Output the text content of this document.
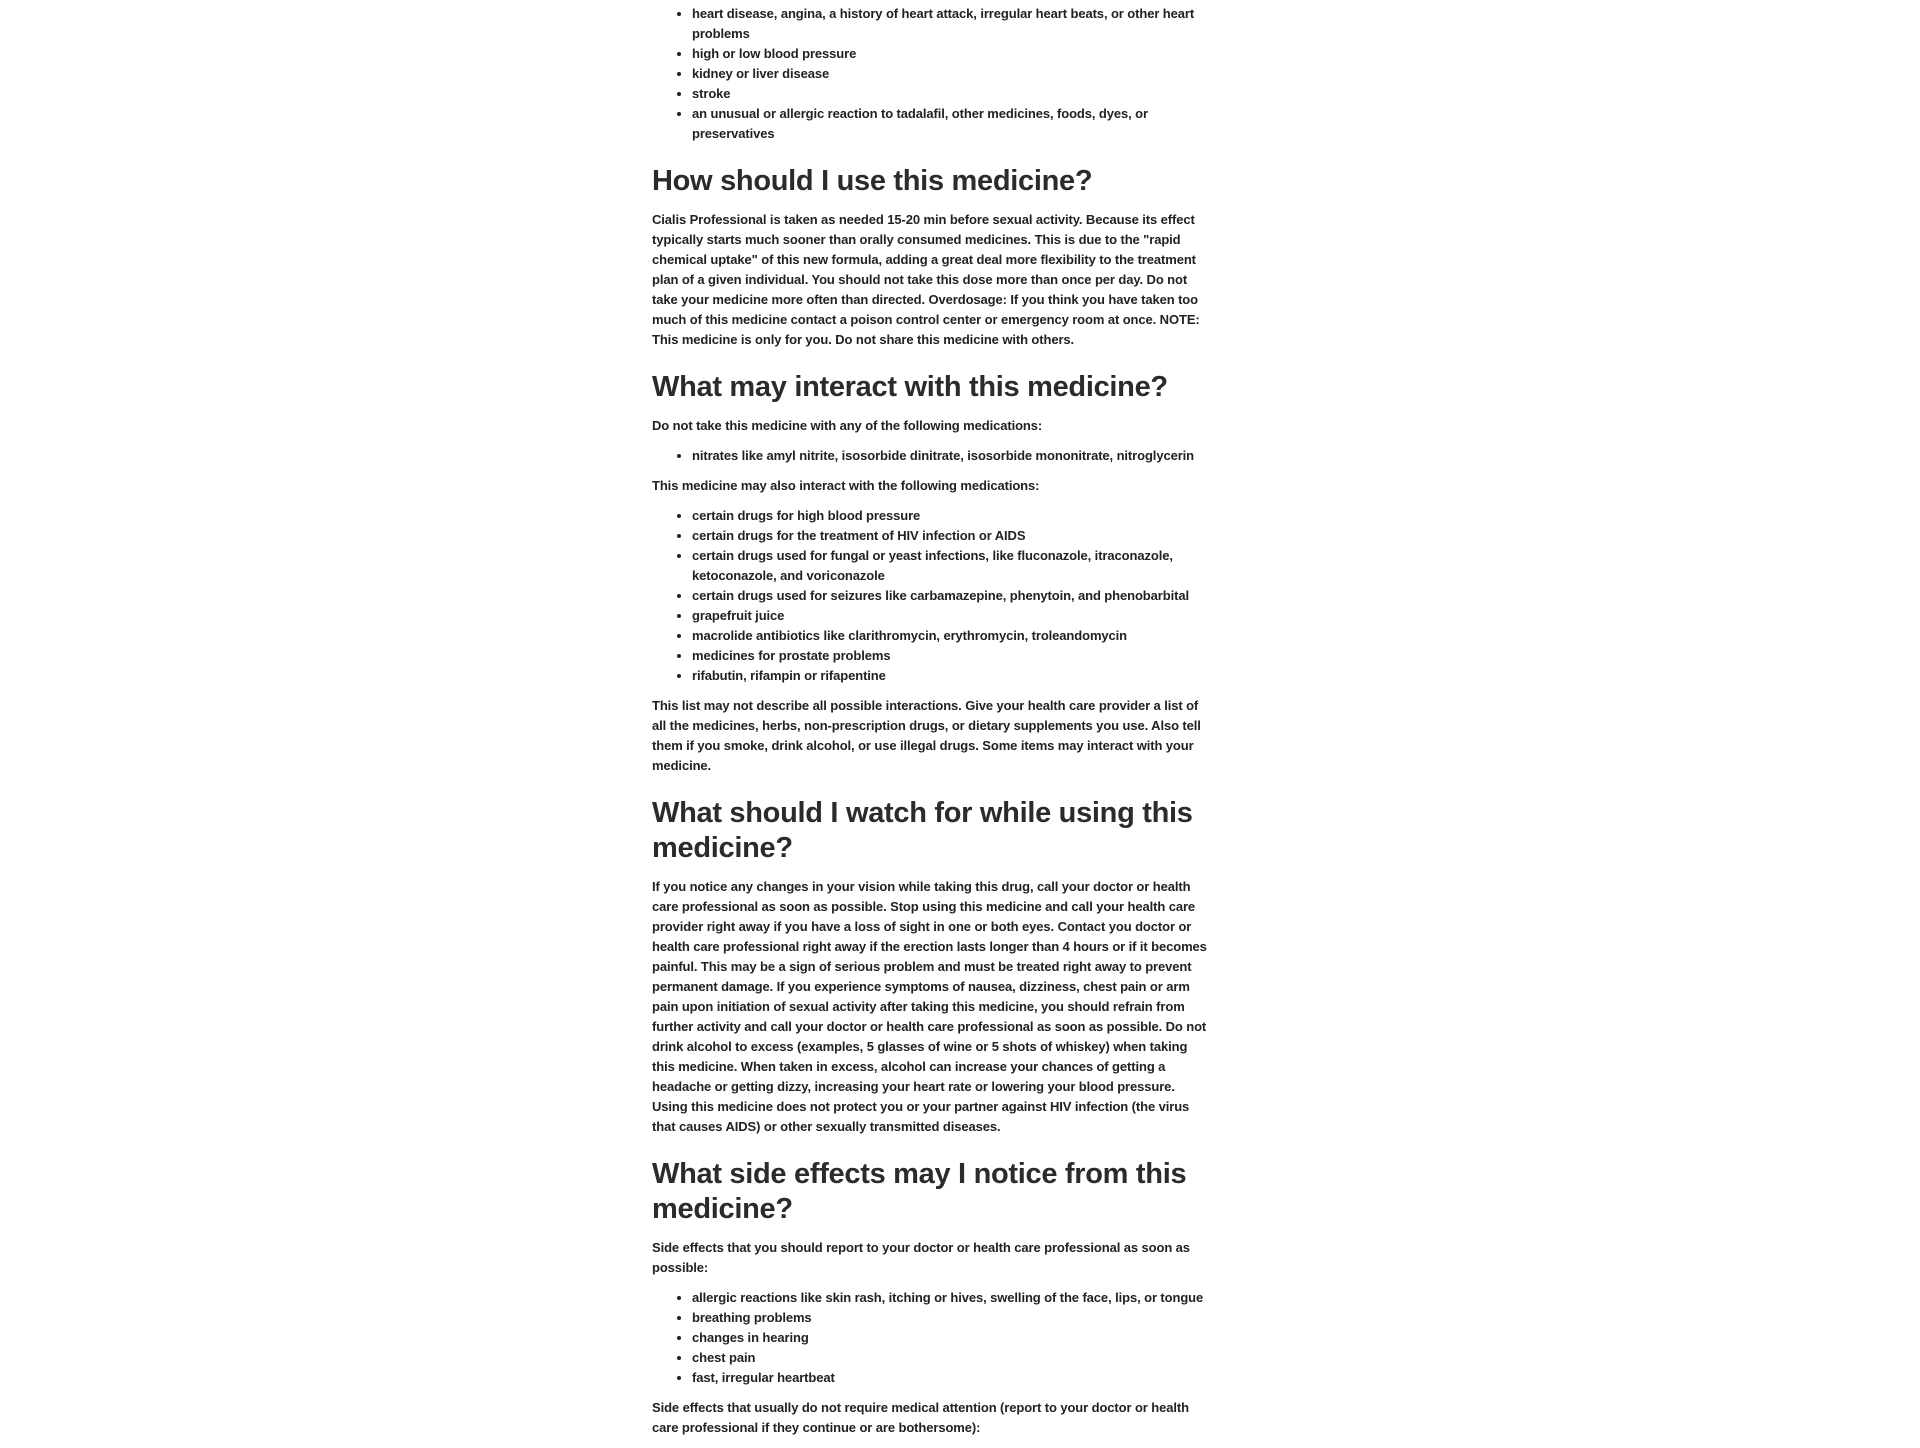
•
• heart disease, angina, a history of heart attack, irregular heart beats, or other heart problems
• high or low blood pressure
• kidney or liver disease
• stroke
• an unusual or allergic reaction to tadalafil, other medicines, foods, dyes, or preservatives
How should I use this medicine?

Cialis Professional is taken as needed 15-20 min before sexual activity. Because its effect typically starts much sooner than orally consumed medicines. This is due to the "rapid chemical uptake" of this new formula, adding a great deal more flexibility to the treatment plan of a given individual. You should not take this dose more than once per day. Do not take your medicine more often than directed. Overdosage: If you think you have taken too much of this medicine contact a poison control center or emergency room at once. NOTE: This medicine is only for you. Do not share this medicine with others.

What may interact with this medicine?

Do not take this medicine with any of the following medications:

• nitrates like amyl nitrite, isosorbide dinitrate, isosorbide mononitrate, nitroglycerin

This medicine may also interact with the following medications:

• certain drugs for high blood pressure
• certain drugs for the treatment of HIV infection or AIDS
• certain drugs used for fungal or yeast infections, like fluconazole, itraconazole, ketoconazole, and voriconazole
• certain drugs used for seizures like carbamazepine, phenytoin, and phenobarbital
• grapefruit juice
• macrolide antibiotics like clarithromycin, erythromycin, troleandomycin
• medicines for prostate problems
• rifabutin, rifampin or rifapentine

This list may not describe all possible interactions. Give your health care provider a list of all the medicines, herbs, non-prescription drugs, or dietary supplements you use. Also tell them if you smoke, drink alcohol, or use illegal drugs. Some items may interact with your medicine.

What should I watch for while using this medicine?

If you notice any changes in your vision while taking this drug, call your doctor or health care professional as soon as possible. Stop using this medicine and call your health care provider right away if you have a loss of sight in one or both eyes. Contact you doctor or health care professional right away if the erection lasts longer than 4 hours or if it becomes painful. This may be a sign of serious problem and must be treated right away to prevent permanent damage. If you experience symptoms of nausea, dizziness, chest pain or arm pain upon initiation of sexual activity after taking this medicine, you should refrain from further activity and call your doctor or health care professional as soon as possible. Do not drink alcohol to excess (examples, 5 glasses of wine or 5 shots of whiskey) when taking this medicine. When taken in excess, alcohol can increase your chances of getting a headache or getting dizzy, increasing your heart rate or lowering your blood pressure. Using this medicine does not protect you or your partner against HIV infection (the virus that causes AIDS) or other sexually transmitted diseases.

What side effects may I notice from this medicine?

Side effects that you should report to your doctor or health care professional as soon as possible:

• allergic reactions like skin rash, itching or hives, swelling of the face, lips, or tongue
• breathing problems
• changes in hearing
• chest pain
• fast, irregular heartbeat

Side effects that usually do not require medical attention (report to your doctor or health care professional if they continue or are bothersome):
